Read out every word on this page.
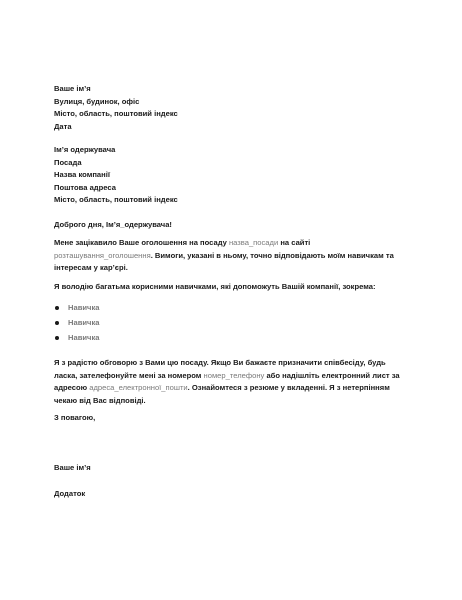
Ваше ім’я

Вулиця, будинок, офіс

Місто, область, поштовий індекс

Дата

Ім’я одержувача

Посада

Назва компанії

Поштова адреса

Місто, область, поштовий індекс

Доброго дня, Ім’я_одержувача!

Мене зацікавило Ваше оголошення на посаду назва_посади на сайті розташування_оголошення. Вимоги, указані в ньому, точно відповідають моїм навичкам та інтересам у кар’єрі.

Я володію багатьма корисними навичками, які допоможуть Вашій компанії, зокрема:

Навичка
Навичка
Навичка

Я з радістю обговорю з Вами цю посаду. Якщо Ви бажаєте призначити співбесіду, будь ласка, зателефонуйте мені за номером номер_телефону або надішліть електронний лист за адресою адреса_електронної_пошти. Ознайомтеся з резюме у вкладенні. Я з нетерпінням чекаю від Вас відповіді.

З повагою,

Ваше ім’я

Додаток
